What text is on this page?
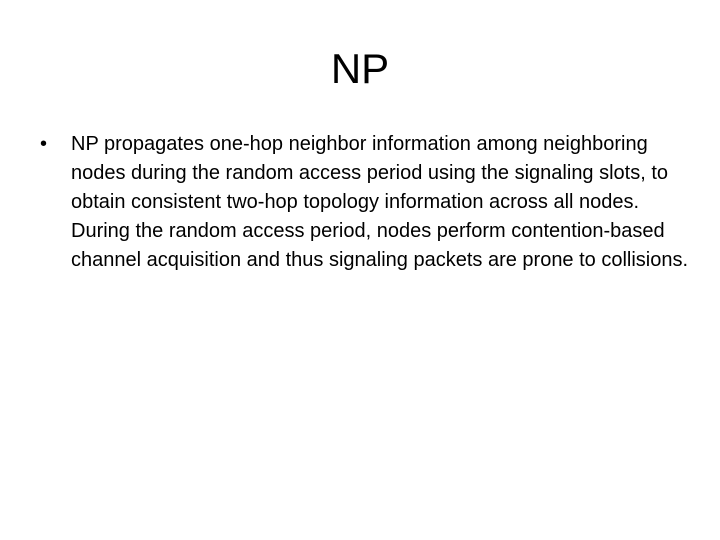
NP
•	NP propagates one-hop neighbor information among neighboring nodes during the random access period using the signaling slots, to obtain consistent two-hop topology information across all nodes. During the random access period, nodes perform contention-based channel acquisition and thus signaling packets are prone to collisions.
